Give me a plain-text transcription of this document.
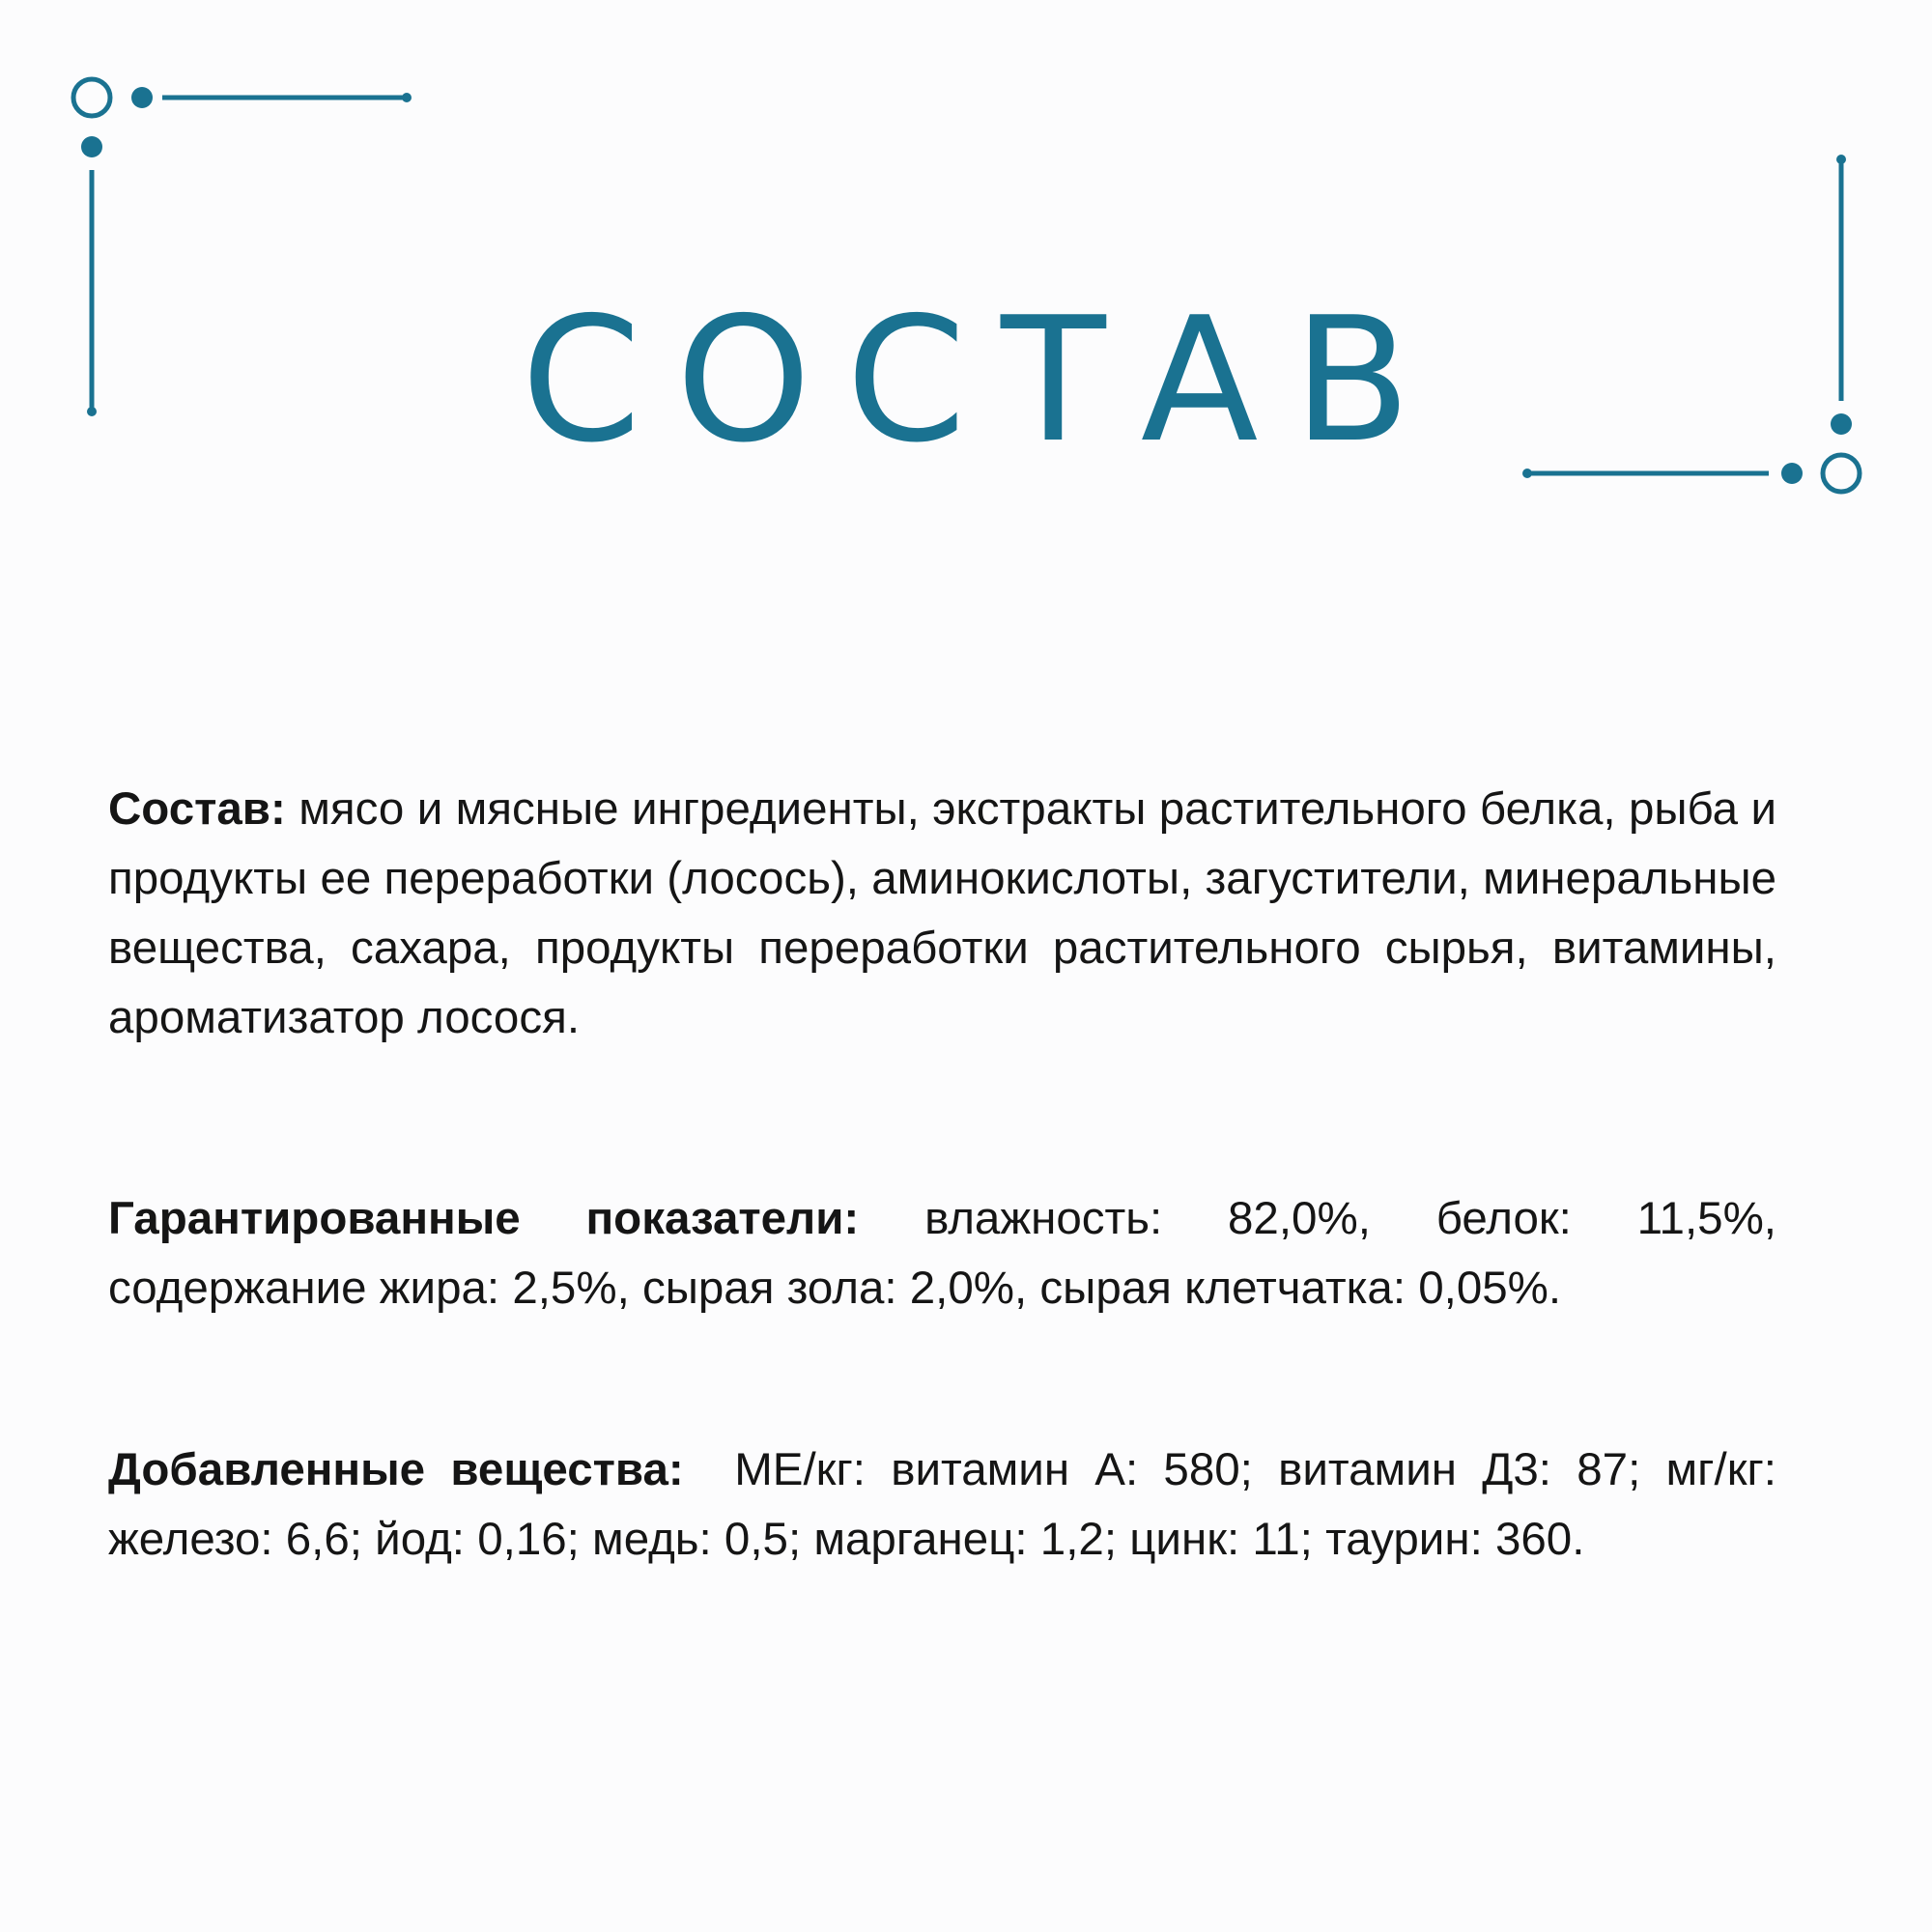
СОСТАВ
Состав: мясо и мясные ингредиенты, экстракты растительного белка, рыба и продукты ее переработки (лосось), аминокислоты, загустители, минеральные вещества, сахара, продукты переработки растительного сырья, витамины, ароматизатор лосося.
Гарантированные показатели: влажность: 82,0%, белок: 11,5%, содержание жира: 2,5%, сырая зола: 2,0%, сырая клетчатка: 0,05%.
Добавленные вещества: МЕ/кг: витамин А: 580; витамин Д3: 87; мг/кг: железо: 6,6; йод: 0,16; медь: 0,5; марганец: 1,2; цинк: 11; таурин: 360.
